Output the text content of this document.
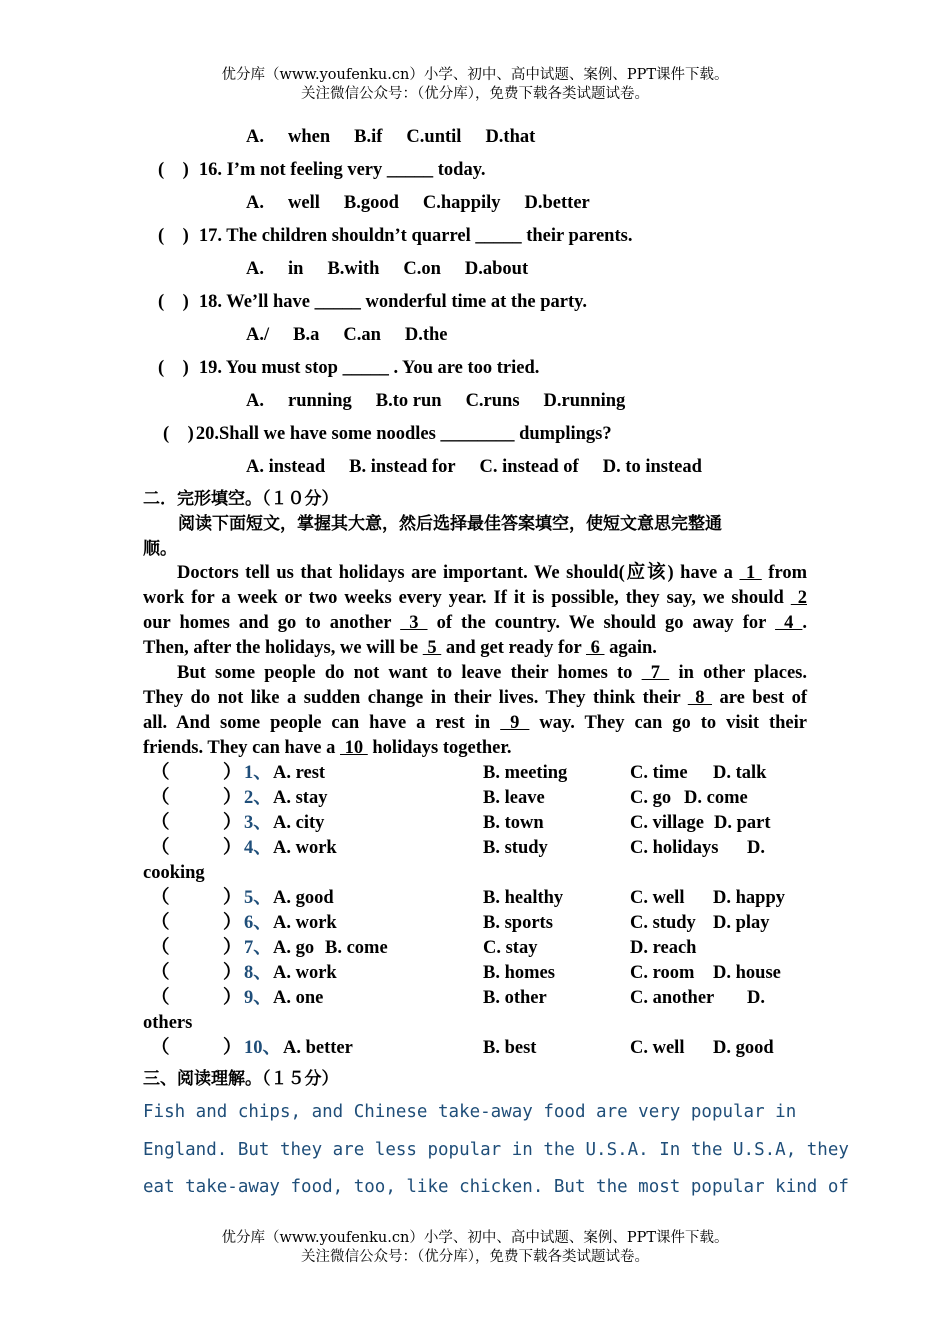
优分库（www.youfenku.cn）小学、初中、高中试题、案例、PPT课件下载。
关注微信公众号：（优分库），免费下载各类试题试卷。
A. when B.if C.until D.that
(    ) 16. I’m not feeling very _____ today.
A. well B.good C.happily D.better
(    ) 17. The children shouldn’t quarrel _____ their parents.
A. in B.with C.on D.about
(    ) 18. We’ll have _____ wonderful time at the party.
A./ B.a C.an D.the
(    ) 19. You must stop _____ . You are too tried.
A. running B.to run C.runs D.running
(    ) 20.Shall we have some noodles ________ dumplings?
A. instead B. instead for C. instead of D. to instead
二．完形填空。（１０分）
阅读下面短文，掌握其大意，然后选择最佳答案填空，使短文意思完整通
顺。
Doctors tell us that holidays are important. We should(应该) have a  1  from
work for a week or two weeks every year. If it is possible, they say, we should  2
our homes and go to another  3  of the country. We should go away for  4 .
Then, after the holidays, we will be  5  and get ready for  6  again.
But some people do not want to leave their homes to  7  in other places.
They do not like a sudden change in their lives. They think their  8  are best of
all. And some people can have a rest in  9  way. They can go to visit their
friends. They can have a  10  holidays together.
（	） 1、 A. rest	B. meeting	C. time D. talk
（	） 2、 A. stay	B. leave	C. go D. come
（	） 3、 A. city	B. town	C. village D. part
（	） 4、 A. work	B. study	C. holidays D.
cooking
（	） 5、 A. good	B. healthy	C. well D. happy
（	） 6、 A. work	B. sports	C. study D. play
（	） 7、 A. go B. come	C. stay	D. reach
（	） 8、 A. work	B. homes	C. room D. house
（	） 9、 A. one	B. other	C. another D.
others
（	） 10、 A. better	B. best	C. well D. good
三、阅读理解。（１５分）
Fish and chips, and Chinese take-away food are very popular in
England. But they are less popular in the U.S.A. In the U.S.A, they
eat take-away food, too, like chicken. But the most popular kind of
优分库（www.youfenku.cn）小学、初中、高中试题、案例、PPT课件下载。
关注微信公众号：（优分库），免费下载各类试题试卷。
